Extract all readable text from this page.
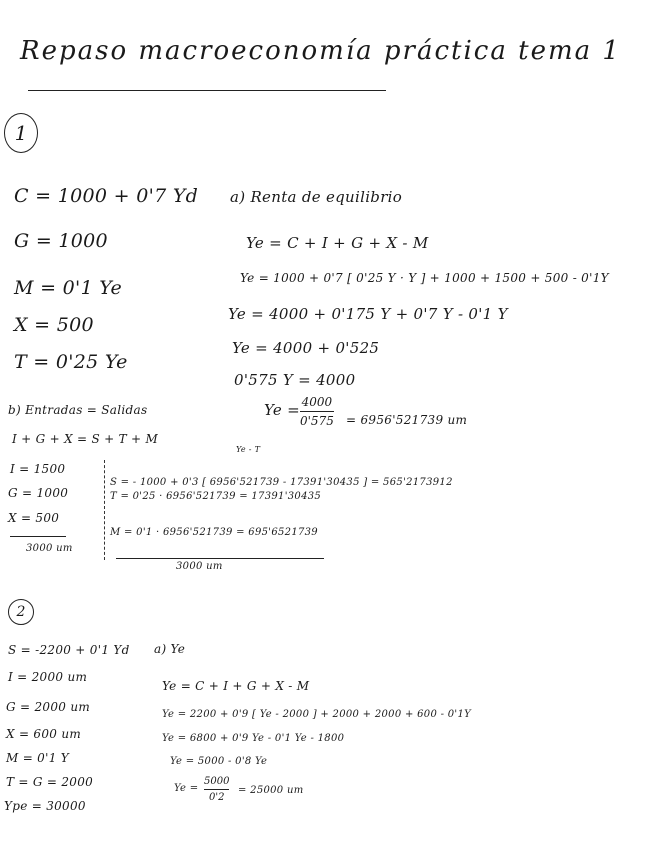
Repaso macroeconomía práctica tema 1
1
C = 1000 + 0'7 Yd
G = 1000
M = 0'1 Ye
X = 500
T = 0'25 Ye
a) Renta de equilibrio
Ye = C + I + G + X - M
Ye = 1000 + 0'7 [ 0'25 Y · Y ] + 1000 + 1500 + 500 - 0'1Y
Ye = 4000 + 0'175 Y + 0'7 Y - 0'1 Y
Ye = 4000 + 0'525
0'575 Y = 4000
Ye = 4000
0'575 = 6956'521739 um
b) Entradas = Salidas
I + G + X = S + T + M
I = 1500
G = 1000
X = 500
3000 um
Ye - T
S = - 1000 + 0'3 [ 6956'521739 - 17391'30435 ] = 565'2173912
T = 0'25 · 6956'521739 = 17391'30435
M = 0'1 · 6956'521739 = 695'6521739
3000 um
2
S = -2200 + 0'1 Yd
I = 2000 um
G = 2000 um
X = 600 um
M = 0'1 Y
T = G = 2000
Ype = 30000
a) Ye
Ye = C + I + G + X - M
Ye = 2200 + 0'9 [ Ye - 2000 ] + 2000 + 2000 + 600 - 0'1Y
Ye = 6800 + 0'9 Ye - 0'1 Ye - 1800
Ye = 5000 - 0'8 Ye
Ye =
5000
0'2
= 25000 um
